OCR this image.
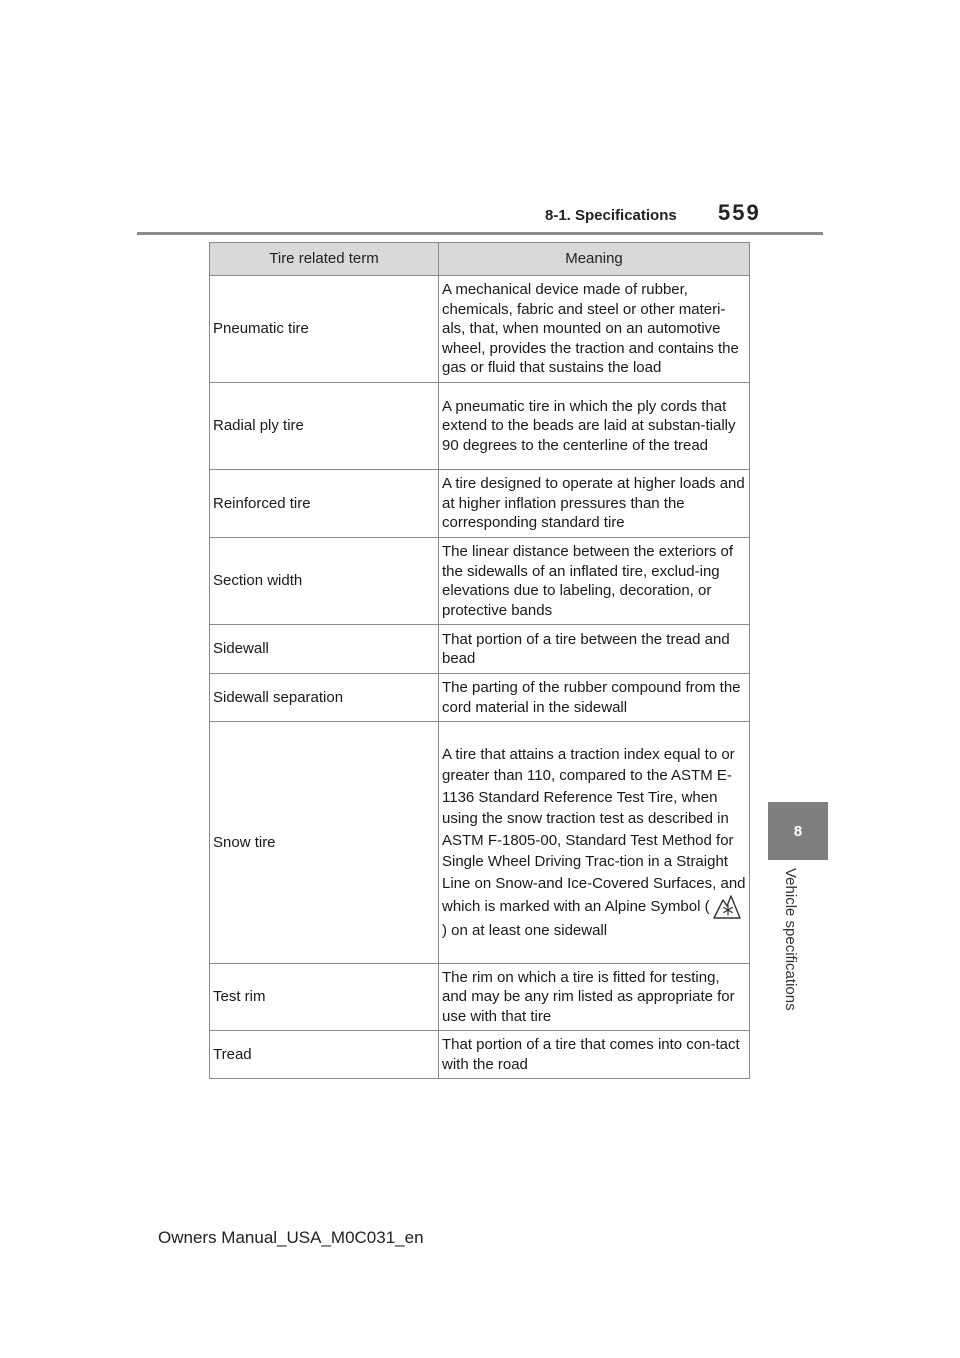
8-1. Specifications 559
8
Vehicle specifications
Tire related term	Meaning
Pneumatic tire	A mechanical device made of rubber, chemicals, fabric and steel or other materi-als, that, when mounted on an automotive wheel, provides the traction and contains the gas or fluid that sustains the load
Radial ply tire	A pneumatic tire in which the ply cords that extend to the beads are laid at substan-tially 90 degrees to the centerline of the tread
Reinforced tire	A tire designed to operate at higher loads and at higher inflation pressures than the corresponding standard tire
Section width	The linear distance between the exteriors of the sidewalls of an inflated tire, exclud-ing elevations due to labeling, decoration, or protective bands
Sidewall	That portion of a tire between the tread and bead
Sidewall separation	The parting of the rubber compound from the cord material in the sidewall
Snow tire	A tire that attains a traction index equal to or greater than 110, compared to the ASTM E-1136 Standard Reference Test Tire, when using the snow traction test as described in ASTM F-1805-00, Standard Test Method for Single Wheel Driving Trac-tion in a Straight Line on Snow-and Ice-Covered Surfaces, and which is marked with an Alpine Symbol () on at least one sidewall
Test rim	The rim on which a tire is fitted for testing, and may be any rim listed as appropriate for use with that tire
Tread	That portion of a tire that comes into con-tact with the road
Owners Manual_USA_M0C031_en
